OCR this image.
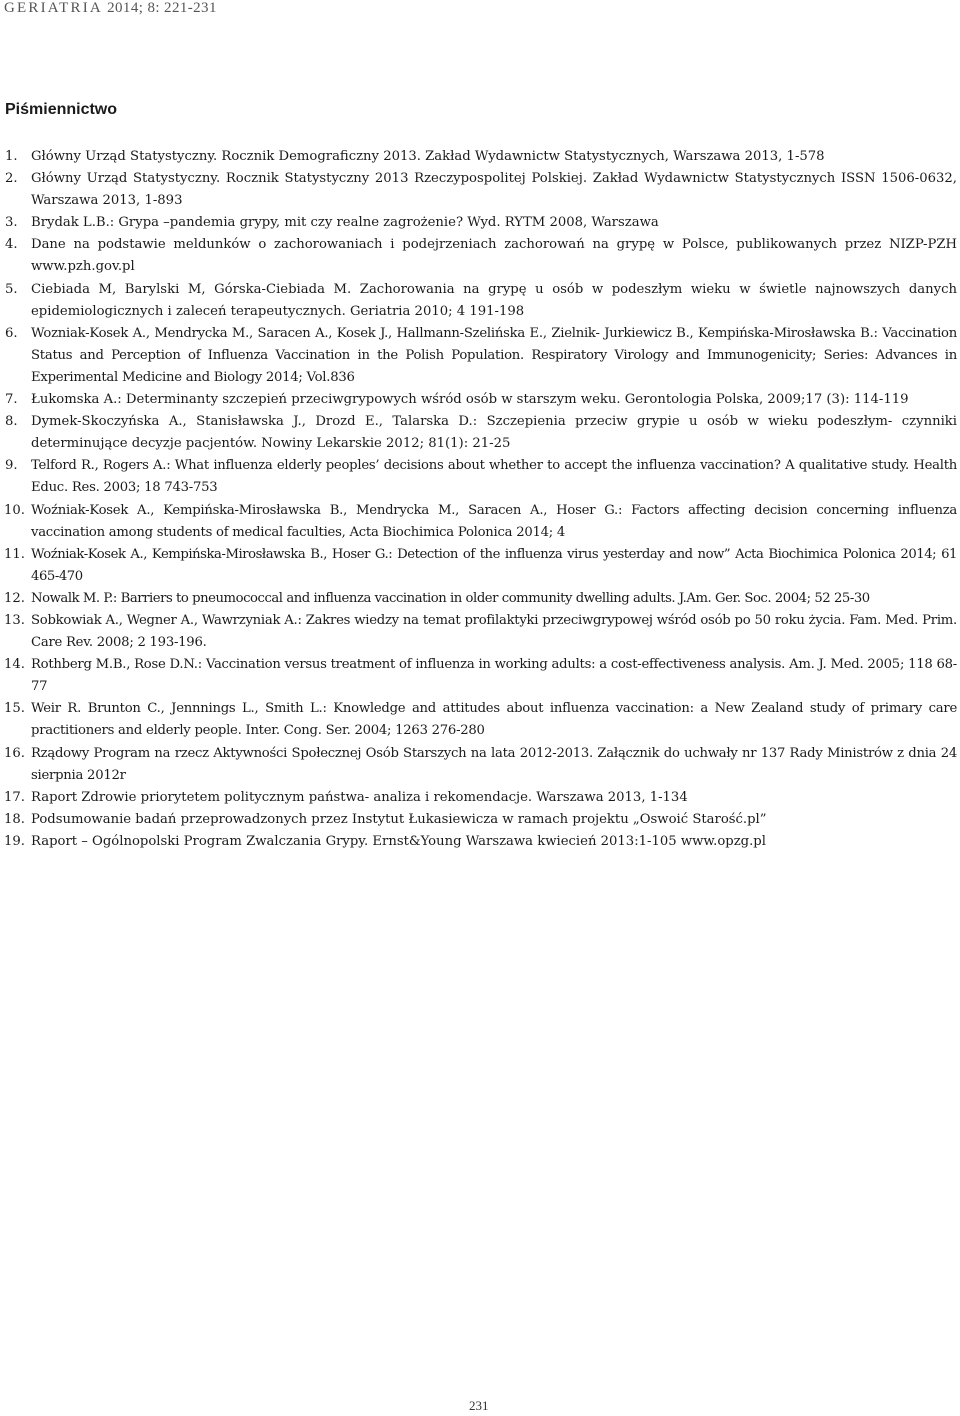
GERIATRIA 2014; 8: 221-231
Piśmiennictwo
1. Główny Urząd Statystyczny. Rocznik Demograficzny 2013. Zakład Wydawnictw Statystycznych, Warszawa 2013, 1-578
2. Główny Urząd Statystyczny. Rocznik Statystyczny 2013 Rzeczypospolitej Polskiej. Zakład Wydawnictw Statystycznych ISSN 1506-0632, Warszawa 2013, 1-893
3. Brydak L.B.: Grypa –pandemia grypy, mit czy realne zagrożenie? Wyd. RYTM 2008, Warszawa
4. Dane na podstawie meldunków o zachorowaniach i podejrzeniach zachorowań na grypę w Polsce, publikowanych przez NIZP-PZH www.pzh.gov.pl
5. Ciebiada M, Barylski M, Górska-Ciebiada M. Zachorowania na grypę u osób w podeszłym wieku w świetle najnowszych danych epidemiologicznych i zaleceń terapeutycznych. Geriatria 2010; 4 191-198
6. Wozniak-Kosek A., Mendrycka M., Saracen A., Kosek J., Hallmann-Szelińska E., Zielnik- Jurkiewicz B., Kempińska-Mirosławska B.: Vaccination Status and Perception of Influenza Vaccination in the Polish Population. Respiratory Virology and Immunogenicity; Series: Advances in Experimental Medicine and Biology 2014; Vol.836
7. Łukomska A.: Determinanty szczepień przeciwgrypowych wśród osób w starszym weku. Gerontologia Polska, 2009;17 (3): 114-119
8. Dymek-Skoczyńska A., Stanisławska J., Drozd E., Talarska D.: Szczepienia przeciw grypie u osób w wieku podeszłym- czynniki determinujące decyzje pacjentów. Nowiny Lekarskie 2012; 81(1): 21-25
9. Telford R., Rogers A.: What influenza elderly peoples’ decisions about whether to accept the influenza vaccination? A qualitative study. Health Educ. Res. 2003; 18 743-753
10. Woźniak-Kosek A., Kempińska-Mirosławska B., Mendrycka M., Saracen A., Hoser G.: Factors affecting decision concerning influenza vaccination among students of medical faculties, Acta Biochimica Polonica 2014; 4
11. Woźniak-Kosek A., Kempińska-Mirosławska B., Hoser G.: Detection of the influenza virus yesterday and now” Acta Biochimica Polonica 2014; 61 465-470
12. Nowalk M. P.: Barriers to pneumococcal and influenza vaccination in older community dwelling adults. J.Am. Ger. Soc. 2004; 52 25-30
13. Sobkowiak A., Wegner A., Wawrzyniak A.: Zakres wiedzy na temat profilaktyki przeciwgrypowej wśród osób po 50 roku życia. Fam. Med. Prim. Care Rev. 2008; 2 193-196.
14. Rothberg M.B., Rose D.N.: Vaccination versus treatment of influenza in working adults: a cost-effectiveness analysis. Am. J. Med. 2005; 118 68-77
15. Weir R. Brunton C., Jennnings L., Smith L.: Knowledge and attitudes about influenza vaccination: a New Zealand study of primary care practitioners and elderly people. Inter. Cong. Ser. 2004; 1263 276-280
16. Rządowy Program na rzecz Aktywności Społecznej Osób Starszych na lata 2012-2013. Załącznik do uchwały nr 137 Rady Ministrów z dnia 24 sierpnia 2012r
17. Raport Zdrowie priorytetem politycznym państwa- analiza i rekomendacje. Warszawa 2013, 1-134
18. Podsumowanie badań przeprowadzonych przez Instytut Łukasiewicza w ramach projektu „Oswoić Starość.pl”
19. Raport – Ogólnopolski Program Zwalczania Grypy. Ernst&Young Warszawa kwiecień 2013:1-105 www.opzg.pl
231
